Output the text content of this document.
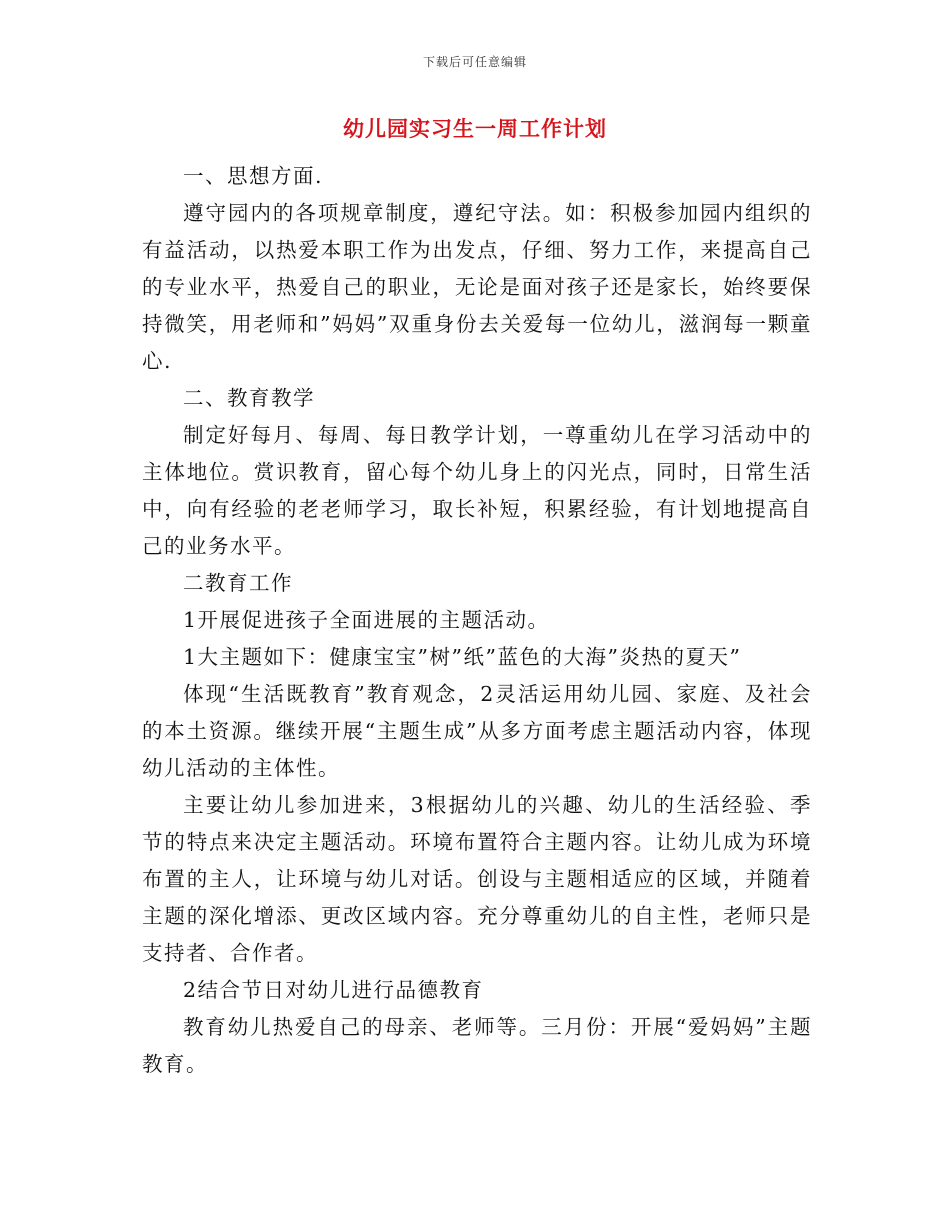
下载后可任意编辑
幼儿园实习生一周工作计划

一、思想方面.

遵守园内的各项规章制度，遵纪守法。如：积极参加园内组织的有益活动，以热爱本职工作为出发点，仔细、努力工作，来提高自己的专业水平，热爱自己的职业，无论是面对孩子还是家长，始终要保持微笑，用老师和”妈妈”双重身份去关爱每一位幼儿，滋润每一颗童心.

二、教育教学

制定好每月、每周、每日教学计划，一尊重幼儿在学习活动中的主体地位。赏识教育，留心每个幼儿身上的闪光点，同时，日常生活中，向有经验的老老师学习，取长补短，积累经验，有计划地提高自己的业务水平。

二教育工作

1开展促进孩子全面进展的主题活动。

1大主题如下：健康宝宝”树”纸”蓝色的大海”炎热的夏天”

体现“生活既教育”教育观念，2灵活运用幼儿园、家庭、及社会的本土资源。继续开展“主题生成”从多方面考虑主题活动内容，体现幼儿活动的主体性。

主要让幼儿参加进来，3根据幼儿的兴趣、幼儿的生活经验、季节的特点来决定主题活动。环境布置符合主题内容。让幼儿成为环境布置的主人，让环境与幼儿对话。创设与主题相适应的区域，并随着主题的深化增添、更改区域内容。充分尊重幼儿的自主性，老师只是支持者、合作者。

2结合节日对幼儿进行品德教育

教育幼儿热爱自己的母亲、老师等。三月份：开展“爱妈妈”主题教育。
